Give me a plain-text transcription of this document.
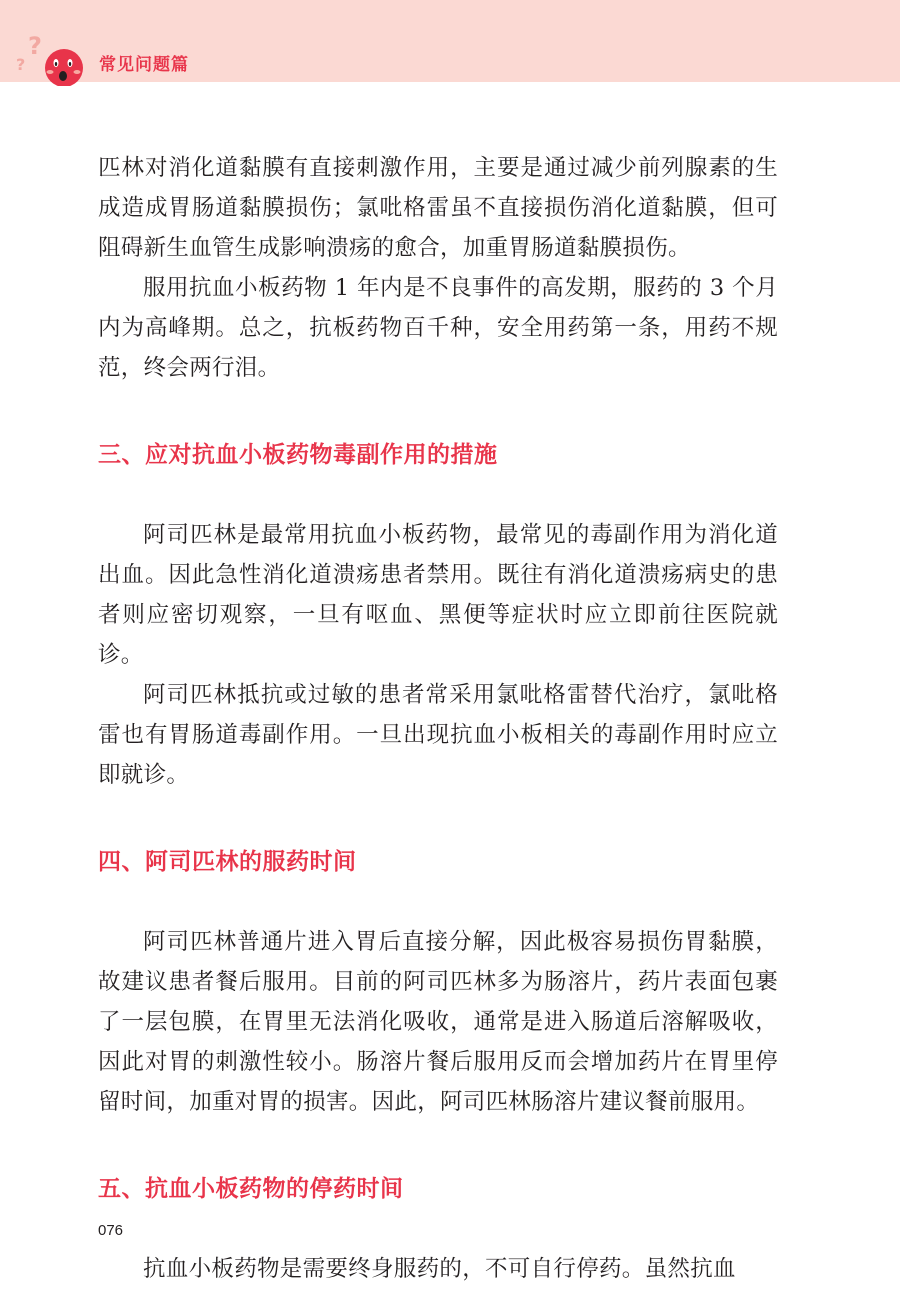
?
?
常见问题篇

匹林对消化道黏膜有直接刺激作用，主要是通过减少前列腺素的生成造成胃肠道黏膜损伤；氯吡格雷虽不直接损伤消化道黏膜，但可阻碍新生血管生成影响溃疡的愈合，加重胃肠道黏膜损伤。

服用抗血小板药物 1 年内是不良事件的高发期，服药的 3 个月内为高峰期。总之，抗板药物百千种，安全用药第一条，用药不规范，终会两行泪。

三、应对抗血小板药物毒副作用的措施

阿司匹林是最常用抗血小板药物，最常见的毒副作用为消化道出血。因此急性消化道溃疡患者禁用。既往有消化道溃疡病史的患者则应密切观察，一旦有呕血、黑便等症状时应立即前往医院就诊。

阿司匹林抵抗或过敏的患者常采用氯吡格雷替代治疗，氯吡格雷也有胃肠道毒副作用。一旦出现抗血小板相关的毒副作用时应立即就诊。

四、阿司匹林的服药时间

阿司匹林普通片进入胃后直接分解，因此极容易损伤胃黏膜，故建议患者餐后服用。目前的阿司匹林多为肠溶片，药片表面包裹了一层包膜，在胃里无法消化吸收，通常是进入肠道后溶解吸收，因此对胃的刺激性较小。肠溶片餐后服用反而会增加药片在胃里停留时间，加重对胃的损害。因此，阿司匹林肠溶片建议餐前服用。

五、抗血小板药物的停药时间

抗血小板药物是需要终身服药的，不可自行停药。虽然抗血

076
